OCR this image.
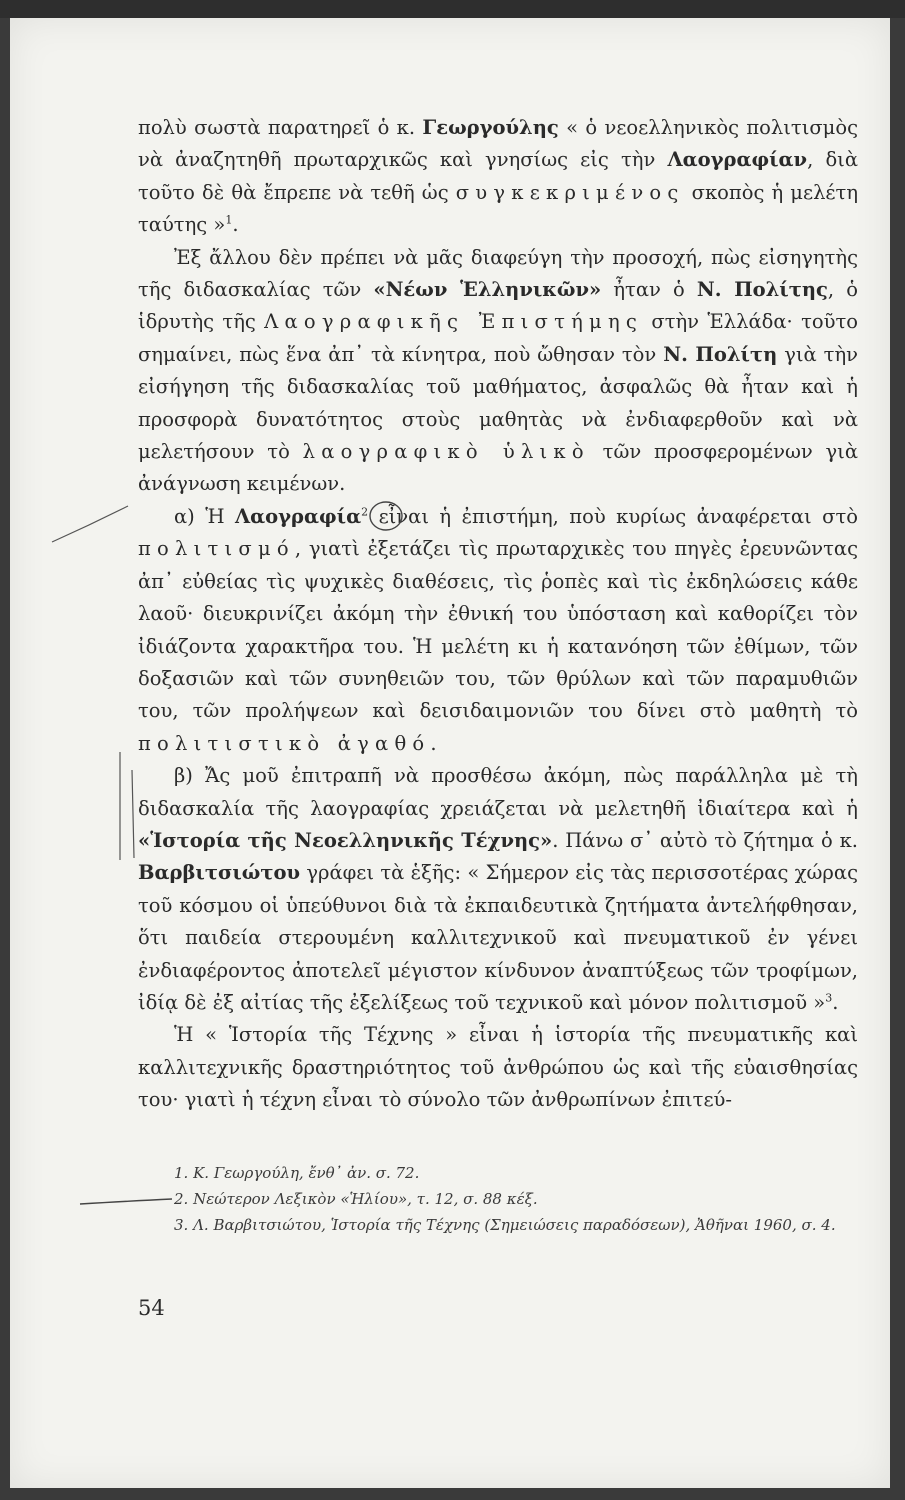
πολὺ σωστὰ παρατηρεῖ ὁ κ. Γεωργούλης « ὁ νεοελληνικὸς πολιτισμὸς νὰ ἀναζητηθῆ πρωταρχικῶς καὶ γνησίως εἰς τὴν Λαογραφίαν, διὰ τοῦτο δὲ θὰ ἔπρεπε νὰ τεθῆ ὡς συγκεκριμένος σκοπὸς ἡ μελέτη ταύτης »$^1$.

Ἐξ ἄλλου δὲν πρέπει νὰ μᾶς διαφεύγη τὴν προσοχή, πὼς εἰσηγητὴς τῆς διδασκαλίας τῶν «Νέων Ἑλληνικῶν» ἦταν ὁ Ν. Πολίτης, ὁ ἱδρυτὴς τῆς Λαογραφικῆς Ἐπιστήμης στὴν Ἑλλάδα· τοῦτο σημαίνει, πὼς ἕνα ἀπ᾽ τὰ κίνητρα, ποὺ ὤθησαν τὸν Ν. Πολίτη γιὰ τὴν εἰσήγηση τῆς διδασκαλίας τοῦ μαθήματος, ἀσφαλῶς θὰ ἦταν καὶ ἡ προσφορὰ δυνατότητος στοὺς μαθητὰς νὰ ἐνδιαφερθοῦν καὶ νὰ μελετήσουν τὸ λαογραφικὸ ὑλικὸ τῶν προσφερομένων γιὰ ἀνάγνωση κειμένων.

α) Ἡ Λαογραφία$^2$ εἶναι ἡ ἐπιστήμη, ποὺ κυρίως ἀναφέρεται στὸ πολιτισμό, γιατὶ ἐξετάζει τὶς πρωταρχικὲς του πηγὲς ἐρευνῶντας ἀπ᾽ εὐθείας τὶς ψυχικὲς διαθέσεις, τὶς ῥοπὲς καὶ τὶς ἐκδηλώσεις κάθε λαοῦ· διευκρινίζει ἀκόμη τὴν ἐθνική του ὑπόσταση καὶ καθορίζει τὸν ἰδιάζοντα χαρακτῆρα του. Ἡ μελέτη κι ἡ κατανόηση τῶν ἐθίμων, τῶν δοξασιῶν καὶ τῶν συνηθειῶν του, τῶν θρύλων καὶ τῶν παραμυθιῶν του, τῶν προλήψεων καὶ δεισιδαιμονιῶν του δίνει στὸ μαθητὴ τὸ πολιτιστικὸ ἀγαθό.

β) Ἄς μοῦ ἐπιτραπῆ νὰ προσθέσω ἀκόμη, πὼς παράλληλα μὲ τὴ διδασκαλία τῆς λαογραφίας χρειάζεται νὰ μελετηθῆ ἰδιαίτερα καὶ ἡ «Ἱστορία τῆς Νεοελληνικῆς Τέχνης». Πάνω σ᾽ αὐτὸ τὸ ζήτημα ὁ κ. Βαρβιτσιώτου γράφει τὰ ἑξῆς: « Σήμερον εἰς τὰς περισσοτέρας χώρας τοῦ κόσμου οἱ ὑπεύθυνοι διὰ τὰ ἐκπαιδευτικὰ ζητήματα ἀντελήφθησαν, ὅτι παιδεία στερουμένη καλλιτεχνικοῦ καὶ πνευματικοῦ ἐν γένει ἐνδιαφέροντος ἀποτελεῖ μέγιστον κίνδυνον ἀναπτύξεως τῶν τροφίμων, ἰδίᾳ δὲ ἐξ αἰτίας τῆς ἐξελίξεως τοῦ τεχνικοῦ καὶ μόνον πολιτισμοῦ »$^3$.

Ἡ « Ἱστορία τῆς Τέχνης » εἶναι ἡ ἱστορία τῆς πνευματικῆς καὶ καλλιτεχνικῆς δραστηριότητος τοῦ ἀνθρώπου ὡς καὶ τῆς εὐαισθησίας του· γιατὶ ἡ τέχνη εἶναι τὸ σύνολο τῶν ἀνθρωπίνων ἐπιτεύ-

1. Κ. Γεωργούλη, ἔνθ᾽ ἀν. σ. 72.

2. Νεώτερον Λεξικὸν «Ἡλίου», τ. 12, σ. 88 κέξ.

3. Λ. Βαρβιτσιώτου, Ἱστορία τῆς Τέχνης (Σημειώσεις παραδόσεων), Ἀθῆναι 1960, σ. 4.

54
